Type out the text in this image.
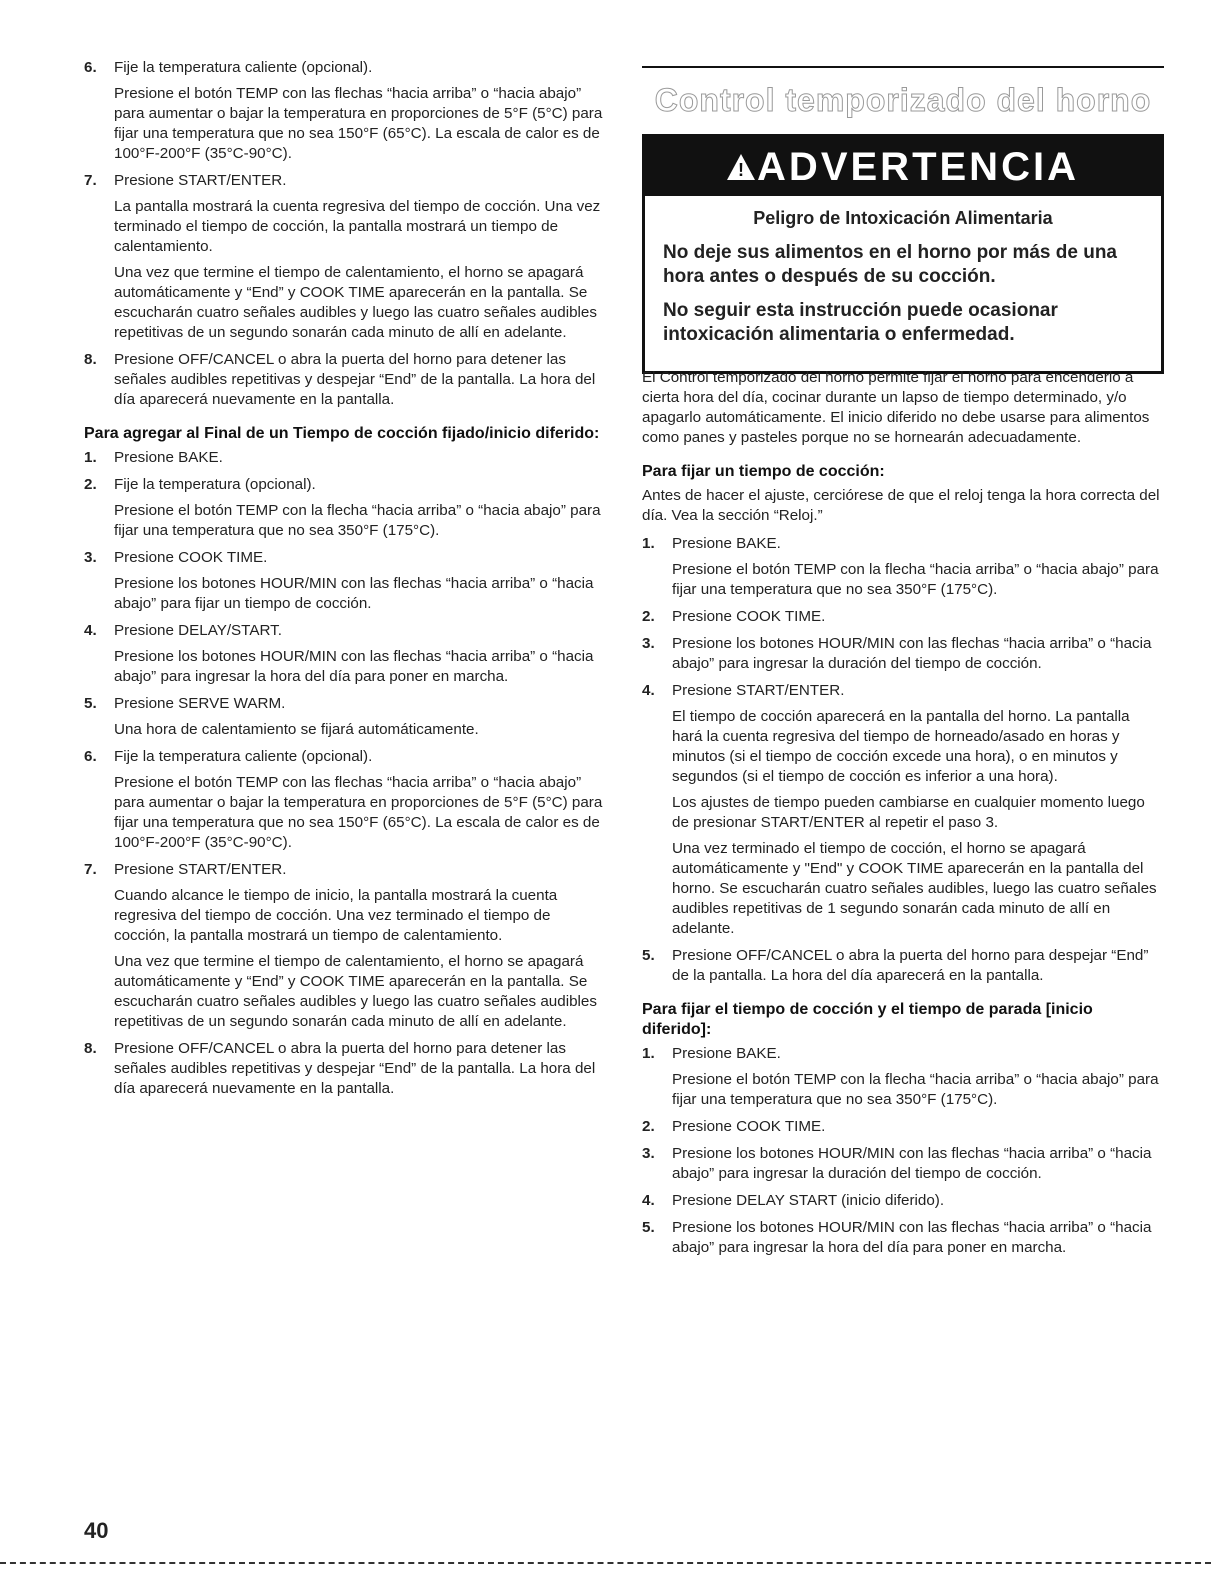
6. Fije la temperatura caliente (opcional).

Presione el botón TEMP con las flechas “hacia arriba” o “hacia abajo” para aumentar o bajar la temperatura en proporciones de 5°F (5°C) para fijar una temperatura que no sea 150°F (65°C). La escala de calor es de 100°F-200°F (35°C-90°C).

7. Presione START/ENTER.

La pantalla mostrará la cuenta regresiva del tiempo de cocción. Una vez terminado el tiempo de cocción, la pantalla mostrará un tiempo de calentamiento.

Una vez que termine el tiempo de calentamiento, el horno se apagará automáticamente y “End” y COOK TIME aparecerán en la pantalla. Se escucharán cuatro señales audibles y luego las cuatro señales audibles repetitivas de un segundo sonarán cada minuto de allí en adelante.

8. Presione OFF/CANCEL o abra la puerta del horno para detener las señales audibles repetitivas y despejar “End” de la pantalla. La hora del día aparecerá nuevamente en la pantalla.

Para agregar al Final de un Tiempo de cocción fijado/inicio diferido:
1. Presione BAKE.

2. Fije la temperatura (opcional).

Presione el botón TEMP con la flecha “hacia arriba” o “hacia abajo” para fijar una temperatura que no sea 350°F (175°C).

3. Presione COOK TIME.

Presione los botones HOUR/MIN con las flechas “hacia arriba” o “hacia abajo” para fijar un tiempo de cocción.

4. Presione DELAY/START.

Presione los botones HOUR/MIN con las flechas “hacia arriba” o “hacia abajo” para ingresar la hora del día para poner en marcha.

5. Presione SERVE WARM.

Una hora de calentamiento se fijará automáticamente.

6. Fije la temperatura caliente (opcional).

Presione el botón TEMP con las flechas “hacia arriba” o “hacia abajo” para aumentar o bajar la temperatura en proporciones de 5°F (5°C) para fijar una temperatura que no sea 150°F (65°C). La escala de calor es de 100°F-200°F (35°C-90°C).

7. Presione START/ENTER.

Cuando alcance le tiempo de inicio, la pantalla mostrará la cuenta regresiva del tiempo de cocción. Una vez terminado el tiempo de cocción, la pantalla mostrará un tiempo de calentamiento.

Una vez que termine el tiempo de calentamiento, el horno se apagará automáticamente y “End” y COOK TIME aparecerán en la pantalla. Se escucharán cuatro señales audibles y luego las cuatro señales audibles repetitivas de un segundo sonarán cada minuto de allí en adelante.

8. Presione OFF/CANCEL o abra la puerta del horno para detener las señales audibles repetitivas y despejar “End” de la pantalla. La hora del día aparecerá nuevamente en la pantalla.

Control temporizado del horno
! ADVERTENCIA
Peligro de Intoxicación Alimentaria
No deje sus alimentos en el horno por más de una hora antes o después de su cocción.
No seguir esta instrucción puede ocasionar intoxicación alimentaria o enfermedad.

El Control temporizado del horno permite fijar el horno para encenderlo a cierta hora del día, cocinar durante un lapso de tiempo determinado, y/o apagarlo automáticamente. El inicio diferido no debe usarse para alimentos como panes y pasteles porque no se hornearán adecuadamente.

Para fijar un tiempo de cocción:

Antes de hacer el ajuste, cerciórese de que el reloj tenga la hora correcta del día. Vea la sección “Reloj.”

1. Presione BAKE.

Presione el botón TEMP con la flecha “hacia arriba” o “hacia abajo” para fijar una temperatura que no sea 350°F (175°C).

2. Presione COOK TIME.

3. Presione los botones HOUR/MIN con las flechas “hacia arriba” o “hacia abajo” para ingresar la duración del tiempo de cocción.

4. Presione START/ENTER.

El tiempo de cocción aparecerá en la pantalla del horno. La pantalla hará la cuenta regresiva del tiempo de horneado/asado en horas y minutos (si el tiempo de cocción excede una hora), o en minutos y segundos (si el tiempo de cocción es inferior a una hora).

Los ajustes de tiempo pueden cambiarse en cualquier momento luego de presionar START/ENTER al repetir el paso 3.

Una vez terminado el tiempo de cocción, el horno se apagará automáticamente y "End" y COOK TIME aparecerán en la pantalla del horno. Se escucharán cuatro señales audibles, luego las cuatro señales audibles repetitivas de 1 segundo sonarán cada minuto de allí en adelante.

5. Presione OFF/CANCEL o abra la puerta del horno para despejar “End” de la pantalla. La hora del día aparecerá en la pantalla.

Para fijar el tiempo de cocción y el tiempo de parada [inicio diferido]:
1. Presione BAKE.

Presione el botón TEMP con la flecha “hacia arriba” o “hacia abajo” para fijar una temperatura que no sea 350°F (175°C).

2. Presione COOK TIME.

3. Presione los botones HOUR/MIN con las flechas “hacia arriba” o “hacia abajo” para ingresar la duración del tiempo de cocción.

4. Presione DELAY START (inicio diferido).

5. Presione los botones HOUR/MIN con las flechas “hacia arriba” o “hacia abajo” para ingresar la hora del día para poner en marcha.

40
